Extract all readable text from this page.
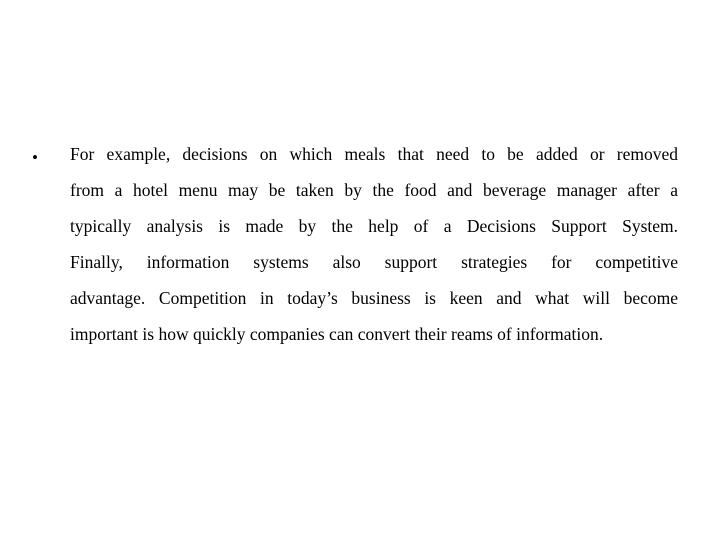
• For example, decisions on which meals that need to be added or removed
from a hotel menu may be taken by the food and beverage manager after a
typically analysis is made by the help of a Decisions Support System.
Finally, information systems also support strategies for competitive
advantage. Competition in today’s business is keen and what will become
important is how quickly companies can convert their reams of information.
